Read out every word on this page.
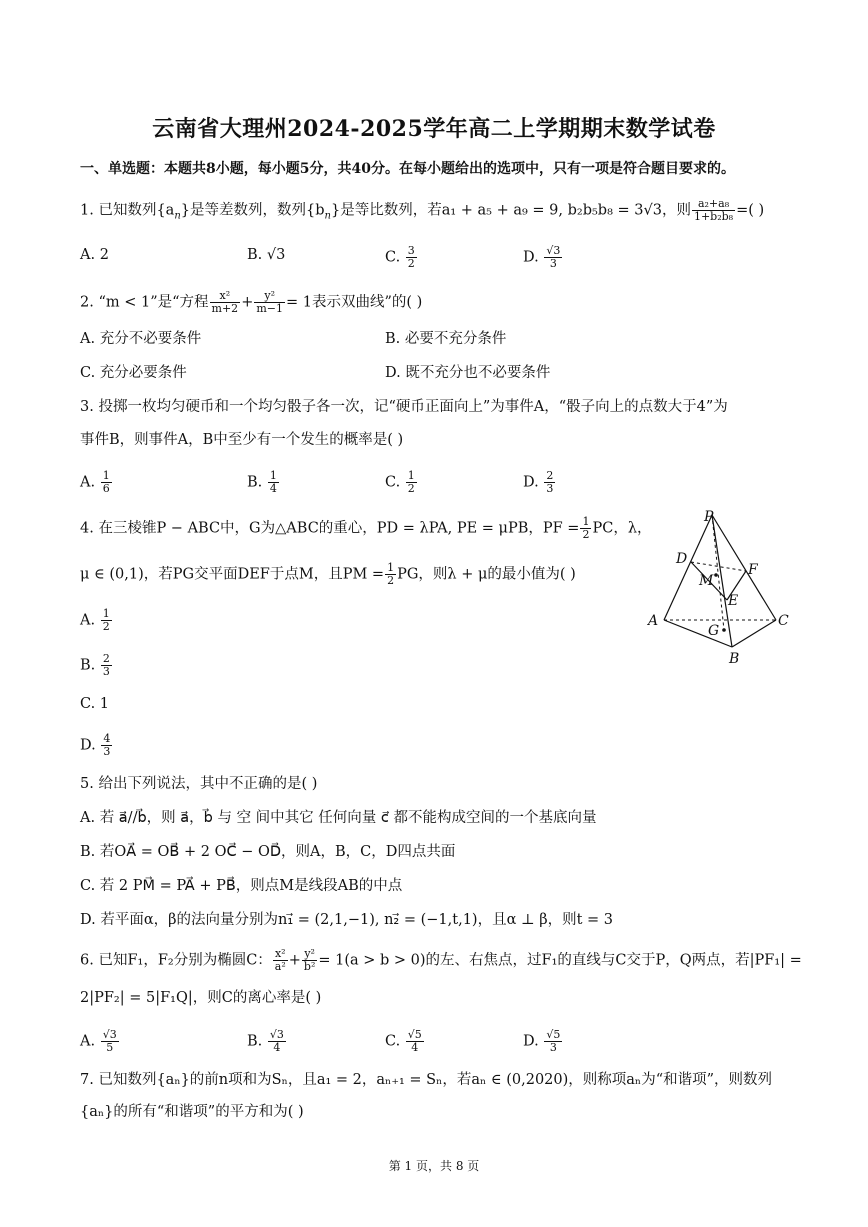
云南省大理州2024-2025学年高二上学期期末数学试卷
一、单选题：本题共8小题，每小题5分，共40分。在每小题给出的选项中，只有一项是符合题目要求的。
1. 已知数列$\{a_n\}$是等差数列，数列$\{b_n\}$是等比数列，若a₁ + a₅ + a₉ = 9, b₂b₅b₈ = 3√3，则 $\frac{\text{a₂+a₈}}{\text{1+b₂b₈}}$ =( )
A. 2	B. √3	C. $\frac{3}{2}$	D. $\frac{√3}{3}$
2. “m < 1”是“方程 $\frac{\text{x²}}{m+2} + \frac{\text{y²}}{m-1} = 1$表示双曲线”的( )
A. 充分不必要条件	B. 必要不充分条件
C. 充分必要条件	D. 既不充分也不必要条件
3. 投掷一枚均匀硬币和一个均匀骰子各一次，记“硬币正面向上”为事件A，“骰子向上的点数大于4”为
事件B，则事件A，B中至少有一个发生的概率是( )
A. $\frac{1}{6}$	B. $\frac{1}{4}$	C. $\frac{1}{2}$	D. $\frac{2}{3}$
4. 在三棱锥P − ABC中，G为△ABC的重心，PD = λPA, PE = μPB，PF = $\frac{1}{2}$ PC，λ，
μ ∈ (0,1)，若PG交平面DEF于点M，且PM = $\frac{1}{2}$ PG，则λ + μ的最小值为( )
A. $\frac{1}{2}$
B. $\frac{2}{3}$
C. 1
D. $\frac{4}{3}$
P
D
M
F
E
A
G
C
B
5. 给出下列说法，其中不正确的是( )
A. 若 a⃗//b⃗，则 a⃗，b⃗ 与 空 间中其它 任何向量 c⃗ 都不能构成空间的一个基底向量
B. 若OA⃗ = OB⃗ + 2 OC⃗ − OD⃗，则A，B，C，D四点共面
C. 若 2 PM⃗ = PA⃗ + PB⃗，则点M是线段AB的中点
D. 若平面α，β的法向量分别为n₁⃗ = (2,1,−1), n₂⃗ = (−1,t,1)，且α ⊥ β，则t = 3
6. 已知F₁，F₂分别为椭圆C： $\frac{\text{x²}}{\text{a²}} + \frac{\text{y²}}{\text{b²}} = 1(a > b > 0)$的左、右焦点，过F₁的直线与C交于P，Q两点，若|PF₁| =
2|PF₂| = 5|F₁Q|，则C的离心率是( )
A. $\frac{√3}{5}$	B. $\frac{√3}{4}$	C. $\frac{√5}{4}$	D. $\frac{√5}{3}$
7. 已知数列{aₙ}的前n项和为Sₙ，且a₁ = 2，aₙ₊₁ = Sₙ，若aₙ ∈ (0,2020)，则称项aₙ为“和谐项”，则数列
{aₙ}的所有“和谐项”的平方和为( )
第 1 页，共 8 页
